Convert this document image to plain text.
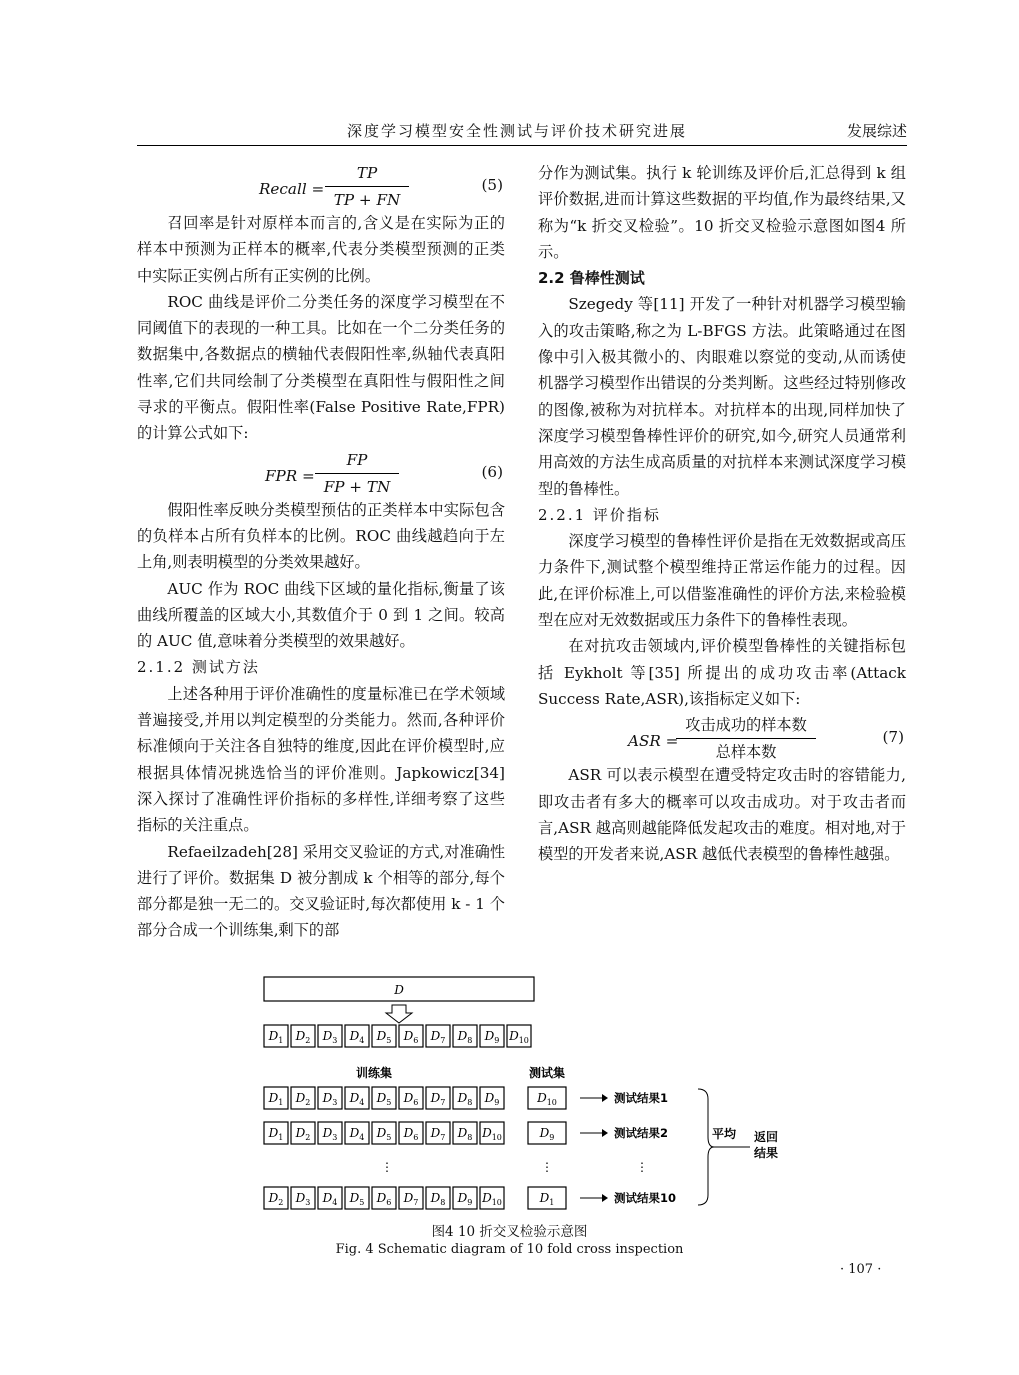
深度学习模型安全性测试与评价技术研究进展	发展综述
Recall =
TP
TP + FN
(5)

召回率是针对原样本而言的,含义是在实际为正的样本中预测为正样本的概率,代表分类模型预测的正类中实际正实例占所有正实例的比例。

ROC 曲线是评价二分类任务的深度学习模型在不同阈值下的表现的一种工具。比如在一个二分类任务的数据集中,各数据点的横轴代表假阳性率,纵轴代表真阳性率,它们共同绘制了分类模型在真阳性与假阳性之间寻求的平衡点。假阳性率(False Positive Rate,FPR)的计算公式如下:

FPR =
FP
FP + TN
(6)

假阳性率反映分类模型预估的正类样本中实际包含的负样本占所有负样本的比例。ROC 曲线越趋向于左上角,则表明模型的分类效果越好。

AUC 作为 ROC 曲线下区域的量化指标,衡量了该曲线所覆盖的区域大小,其数值介于 0 到 1 之间。较高的 AUC 值,意味着分类模型的效果越好。

2.1.2 测试方法

上述各种用于评价准确性的度量标准已在学术领域普遍接受,并用以判定模型的分类能力。然而,各种评价标准倾向于关注各自独特的维度,因此在评价模型时,应根据具体情况挑选恰当的评价准则。Japkowicz[34] 深入探讨了准确性评价指标的多样性,详细考察了这些指标的关注重点。

Refaeilzadeh[28] 采用交叉验证的方式,对准确性进行了评价。数据集 D 被分割成 k 个相等的部分,每个部分都是独一无二的。交叉验证时,每次都使用 k - 1 个部分合成一个训练集,剩下的部

分作为测试集。执行 k 轮训练及评价后,汇总得到 k 组评价数据,进而计算这些数据的平均值,作为最终结果,又称为“k 折交叉检验”。10 折交叉检验示意图如图4 所示。

2.2 鲁棒性测试

Szegedy 等[11] 开发了一种针对机器学习模型输入的攻击策略,称之为 L-BFGS 方法。此策略通过在图像中引入极其微小的、肉眼难以察觉的变动,从而诱使机器学习模型作出错误的分类判断。这些经过特别修改的图像,被称为对抗样本。对抗样本的出现,同样加快了深度学习模型鲁棒性评价的研究,如今,研究人员通常利用高效的方法生成高质量的对抗样本来测试深度学习模型的鲁棒性。

2.2.1 评价指标

深度学习模型的鲁棒性评价是指在无效数据或高压力条件下,测试整个模型维持正常运作能力的过程。因此,在评价标准上,可以借鉴准确性的评价方法,来检验模型在应对无效数据或压力条件下的鲁棒性表现。

在对抗攻击领域内,评价模型鲁棒性的关键指标包括 Eykholt 等[35] 所提出的成功攻击率(Attack Success Rate,ASR),该指标定义如下:

ASR =
攻击成功的样本数
总样本数
(7)

ASR 可以表示模型在遭受特定攻击时的容错能力,即攻击者有多大的概率可以攻击成功。对于攻击者而言,ASR 越高则越能降低发起攻击的难度。相对地,对于模型的开发者来说,ASR 越低代表模型的鲁棒性越强。

D
$D_1$ $D_2$ $D_3$ $D_4$ $D_5$ $D_6$ $D_7$ $D_8$ $D_9$ $D_{10}$
训练集	测试集
$D_1$ $D_2$ $D_3$ $D_4$ $D_5$ $D_6$ $D_7$ $D_8$ $D_9$	$D_{10}$	测试结果1
$D_1$ $D_2$ $D_3$ $D_4$ $D_5$ $D_6$ $D_7$ $D_8$ $D_{10}$	$D_9$	测试结果2
$D_2$ $D_3$ $D_4$ $D_5$ $D_6$ $D_7$ $D_8$ $D_9$ $D_{10}$	$D_1$	测试结果10
⋮	⋮	⋮
平均 返回
结果
图4 10 折交叉检验示意图
Fig. 4 Schematic diagram of 10 fold cross inspection
· 107 ·
